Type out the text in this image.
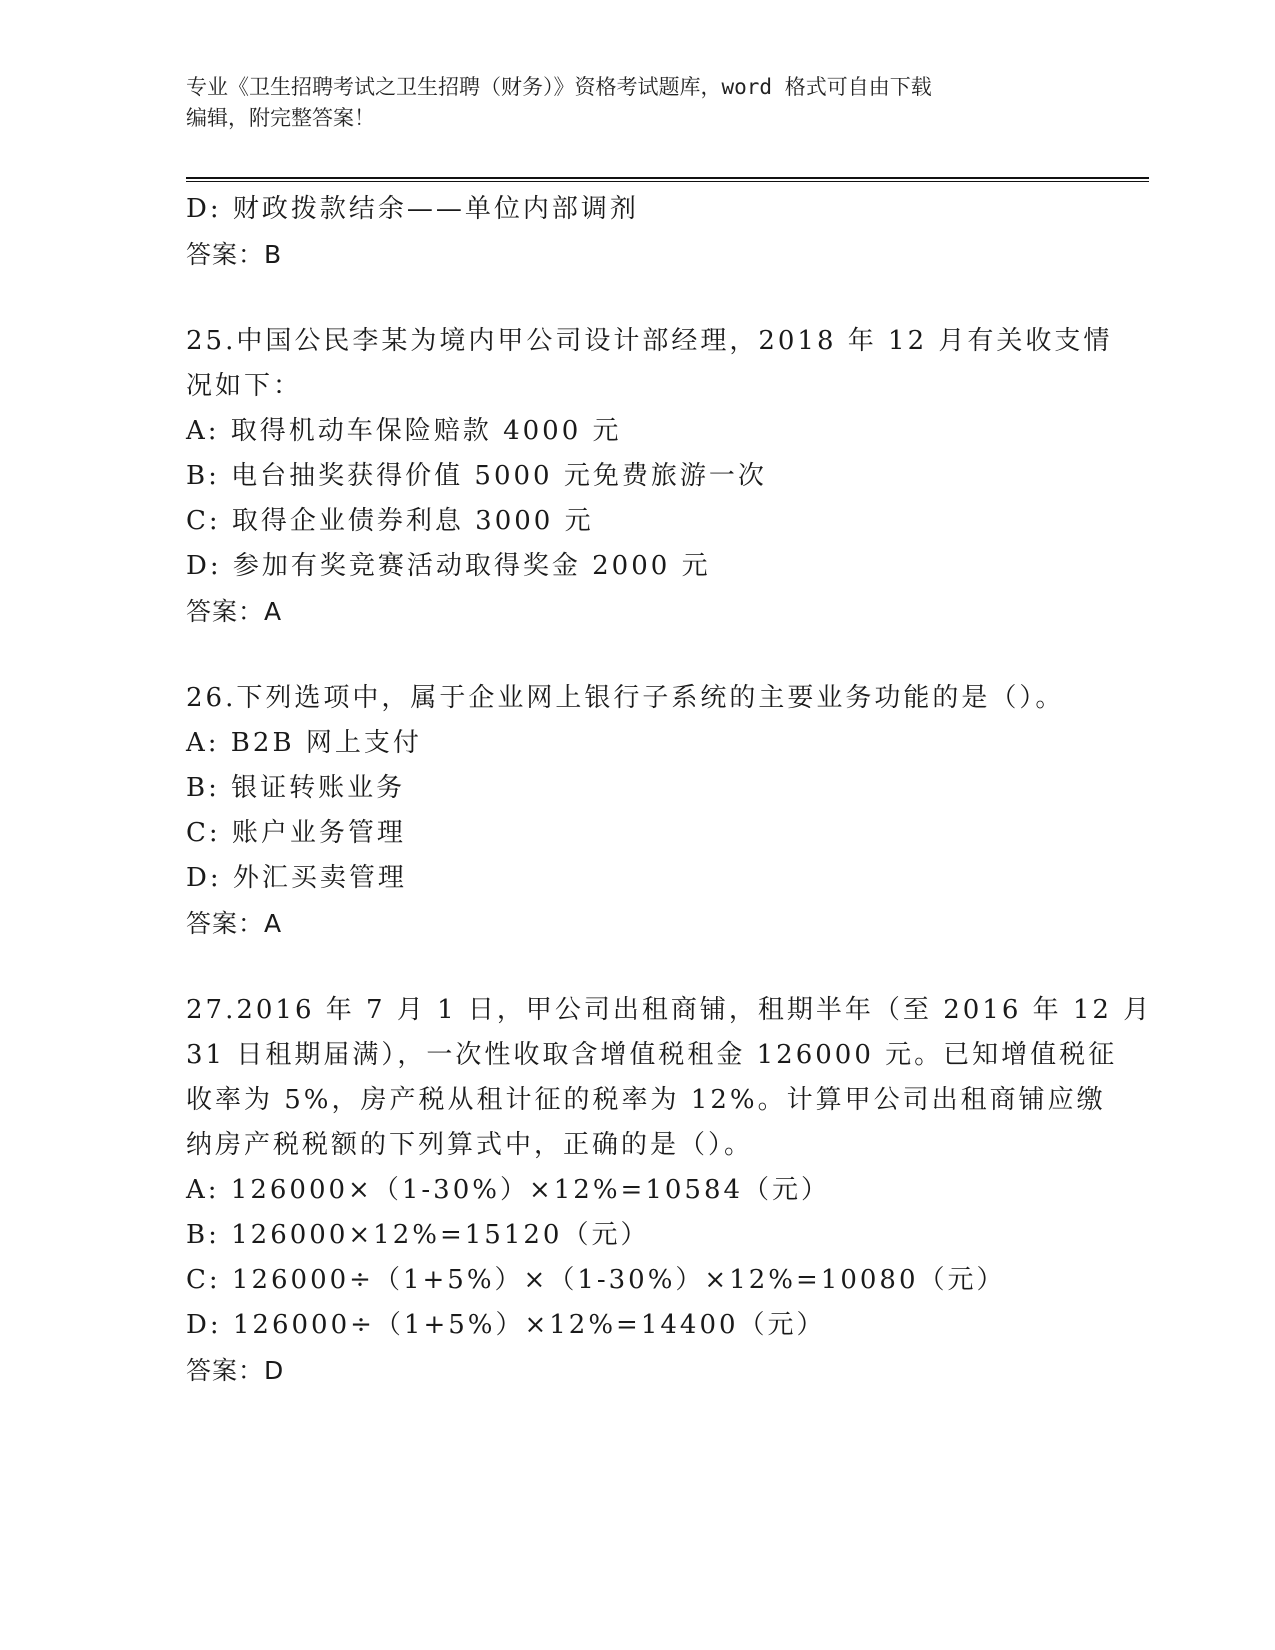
专业《卫生招聘考试之卫生招聘（财务）》资格考试题库，word 格式可自由下载
编辑，附完整答案！
D: 财政拨款结余——单位内部调剂
答案：B
25.中国公民李某为境内甲公司设计部经理，2018 年 12 月有关收支情
况如下：
A: 取得机动车保险赔款 4000 元
B: 电台抽奖获得价值 5000 元免费旅游一次
C: 取得企业债券利息 3000 元
D: 参加有奖竞赛活动取得奖金 2000 元
答案：A
26.下列选项中，属于企业网上银行子系统的主要业务功能的是（）。
A: B2B 网上支付
B: 银证转账业务
C: 账户业务管理
D: 外汇买卖管理
答案：A
27.2016 年 7 月 1 日，甲公司出租商铺，租期半年（至 2016 年 12 月
31 日租期届满），一次性收取含增值税租金 126000 元。已知增值税征
收率为 5%，房产税从租计征的税率为 12%。计算甲公司出租商铺应缴
纳房产税税额的下列算式中，正确的是（）。
A: 126000×（1-30%）×12%=10584（元）
B: 126000×12%=15120（元）
C: 126000÷（1+5%）×（1-30%）×12%=10080（元）
D: 126000÷（1+5%）×12%=14400（元）
答案：D
